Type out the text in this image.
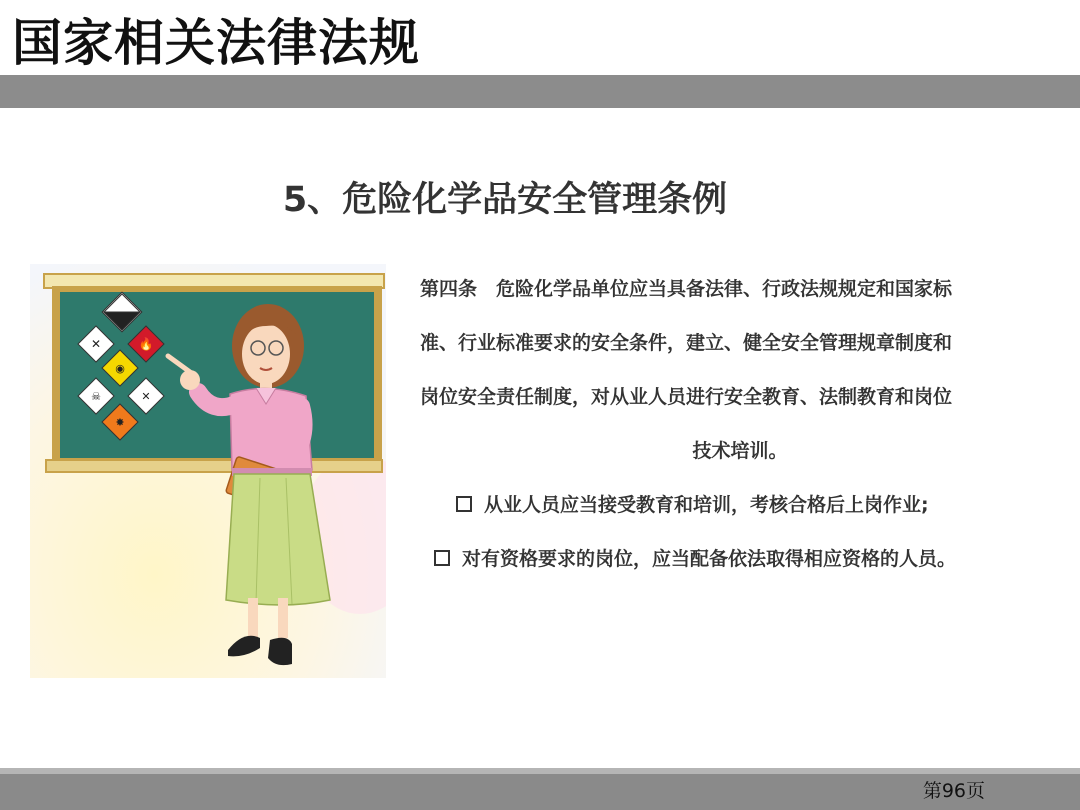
国家相关法律法规
5、危险化学品安全管理条例
✕	🔥
◉
☠	✕
✸
第四条　危险化学品单位应当具备法律、行政法规规定和国家标
准、行业标准要求的安全条件，建立、健全安全管理规章制度和
岗位安全责任制度，对从业人员进行安全教育、法制教育和岗位
技术培训。
从业人员应当接受教育和培训，考核合格后上岗作业;
对有资格要求的岗位，应当配备依法取得相应资格的人员。
第96页
